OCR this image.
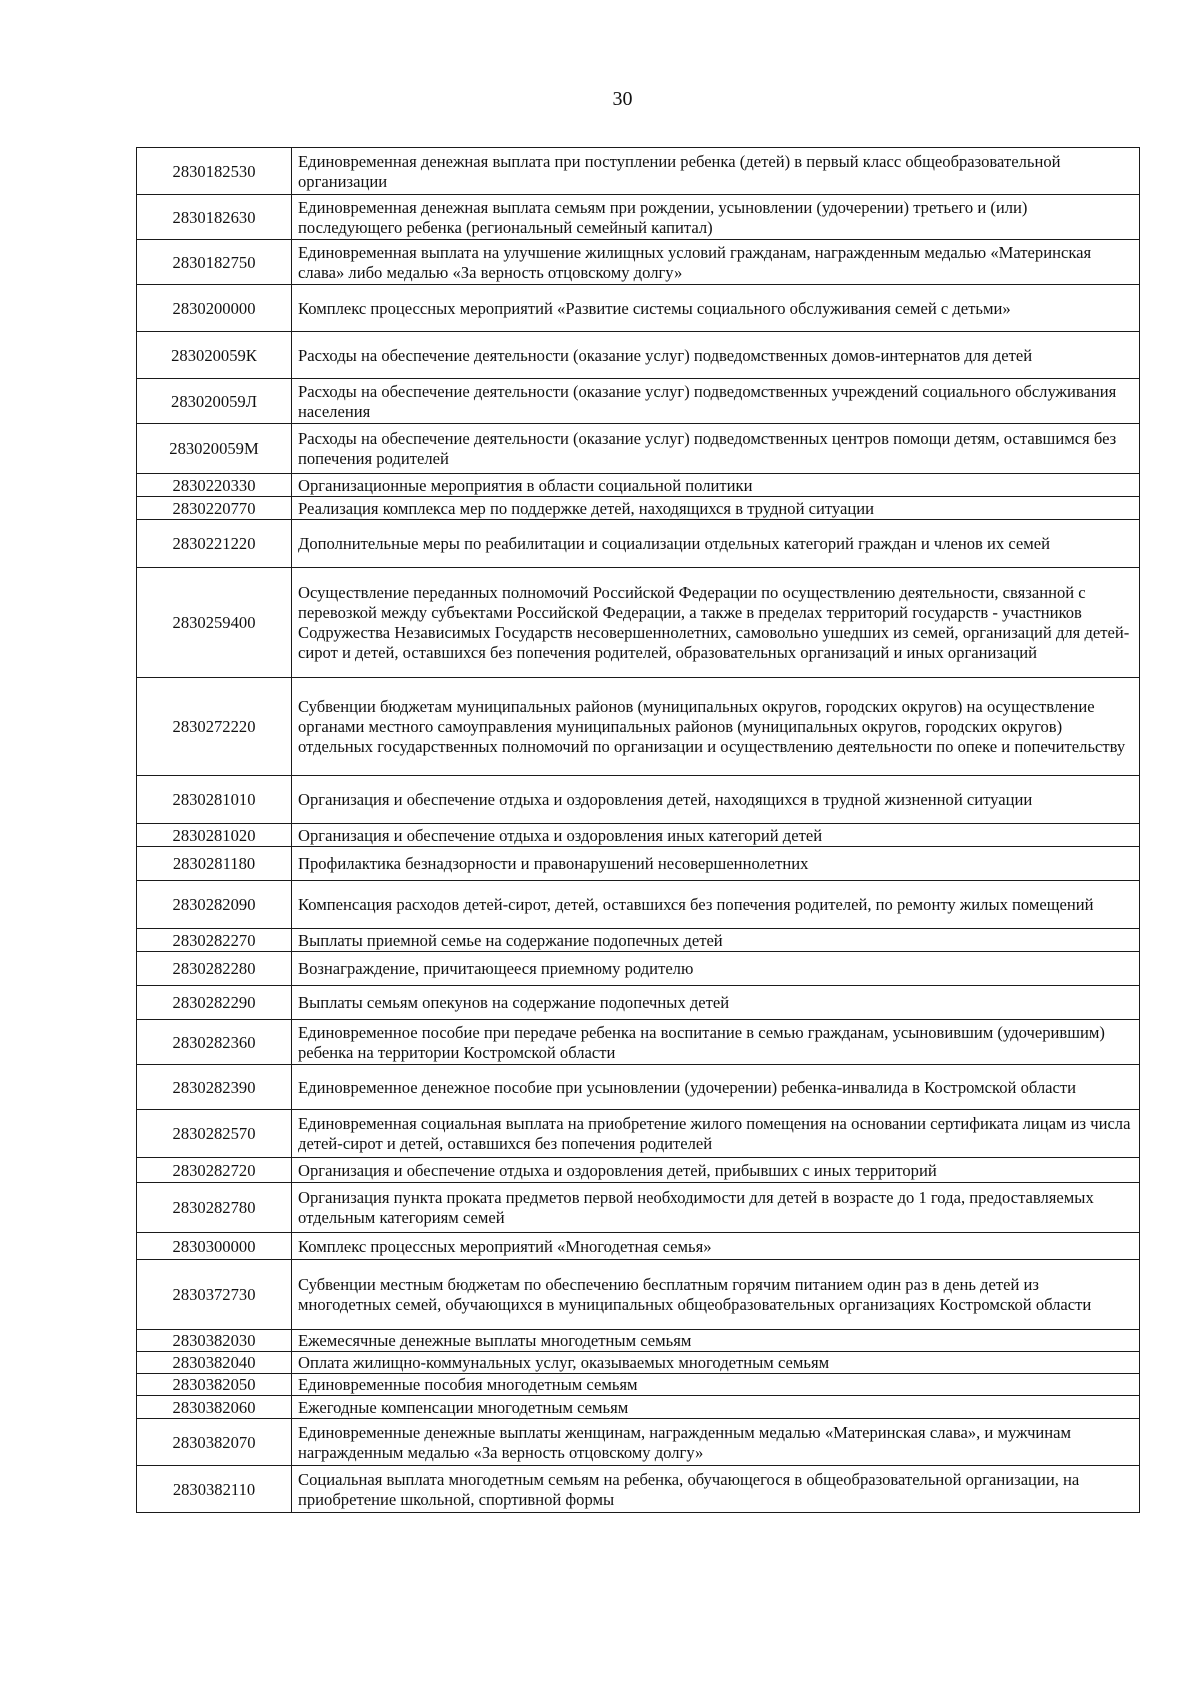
30
2830182530	Единовременная денежная выплата при поступлении ребенка (детей) в первый класс общеобразовательной организации
2830182630	Единовременная денежная выплата семьям при рождении, усыновлении (удочерении) третьего и (или) последующего ребенка (региональный семейный капитал)
2830182750	Единовременная выплата на улучшение жилищных условий гражданам, награжденным медалью «Материнская слава» либо медалью «За верность отцовскому долгу»
2830200000	Комплекс процессных мероприятий «Развитие системы социального обслуживания семей с детьми»
283020059К	Расходы на обеспечение деятельности (оказание услуг) подведомственных домов-интернатов для детей
283020059Л	Расходы на обеспечение деятельности (оказание услуг) подведомственных учреждений социального обслуживания населения
283020059М	Расходы на обеспечение деятельности (оказание услуг) подведомственных центров помощи детям, оставшимся без попечения родителей
2830220330	Организационные мероприятия в области социальной политики
2830220770	Реализация комплекса мер по поддержке детей, находящихся в трудной ситуации
2830221220	Дополнительные меры по реабилитации и социализации отдельных категорий граждан и членов их семей
2830259400	Осуществление переданных полномочий Российской Федерации по осуществлению деятельности, связанной с перевозкой между субъектами Российской Федерации, а также в пределах территорий государств - участников Содружества Независимых Государств несовершеннолетних, самовольно ушедших из семей, организаций для детей-сирот и детей, оставшихся без попечения родителей, образовательных организаций и иных организаций
2830272220	Субвенции бюджетам муниципальных районов (муниципальных округов, городских округов) на осуществление органами местного самоуправления муниципальных районов (муниципальных округов, городских округов) отдельных государственных полномочий по организации и осуществлению деятельности по опеке и попечительству
2830281010	Организация и обеспечение отдыха и оздоровления детей, находящихся в трудной жизненной ситуации
2830281020	Организация и обеспечение отдыха и оздоровления иных категорий детей
2830281180	Профилактика безнадзорности и правонарушений несовершеннолетних
2830282090	Компенсация расходов детей-сирот, детей, оставшихся без попечения родителей, по ремонту жилых помещений
2830282270	Выплаты приемной семье на содержание подопечных детей
2830282280	Вознаграждение, причитающееся приемному родителю
2830282290	Выплаты семьям опекунов на содержание подопечных детей
2830282360	Единовременное пособие при передаче ребенка на воспитание в семью гражданам, усыновившим (удочерившим) ребенка на территории Костромской области
2830282390	Единовременное денежное пособие при усыновлении (удочерении) ребенка-инвалида в Костромской области
2830282570	Единовременная социальная выплата на приобретение жилого помещения на основании сертификата лицам из числа детей-сирот и детей, оставшихся без попечения родителей
2830282720	Организация и обеспечение отдыха и оздоровления детей, прибывших с иных территорий
2830282780	Организация пункта проката предметов первой необходимости для детей в возрасте до 1 года, предоставляемых отдельным категориям семей
2830300000	Комплекс процессных мероприятий «Многодетная семья»
2830372730	Субвенции местным бюджетам по обеспечению бесплатным горячим питанием один раз в день детей из многодетных семей, обучающихся в муниципальных общеобразовательных организациях Костромской области
2830382030	Ежемесячные денежные выплаты многодетным семьям
2830382040	Оплата жилищно-коммунальных услуг, оказываемых многодетным семьям
2830382050	Единовременные пособия многодетным семьям
2830382060	Ежегодные компенсации многодетным семьям
2830382070	Единовременные денежные выплаты женщинам, награжденным медалью «Материнская слава», и мужчинам награжденным медалью «За верность отцовскому долгу»
2830382110	Социальная выплата многодетным семьям на ребенка, обучающегося в общеобразовательной организации, на приобретение школьной, спортивной формы
